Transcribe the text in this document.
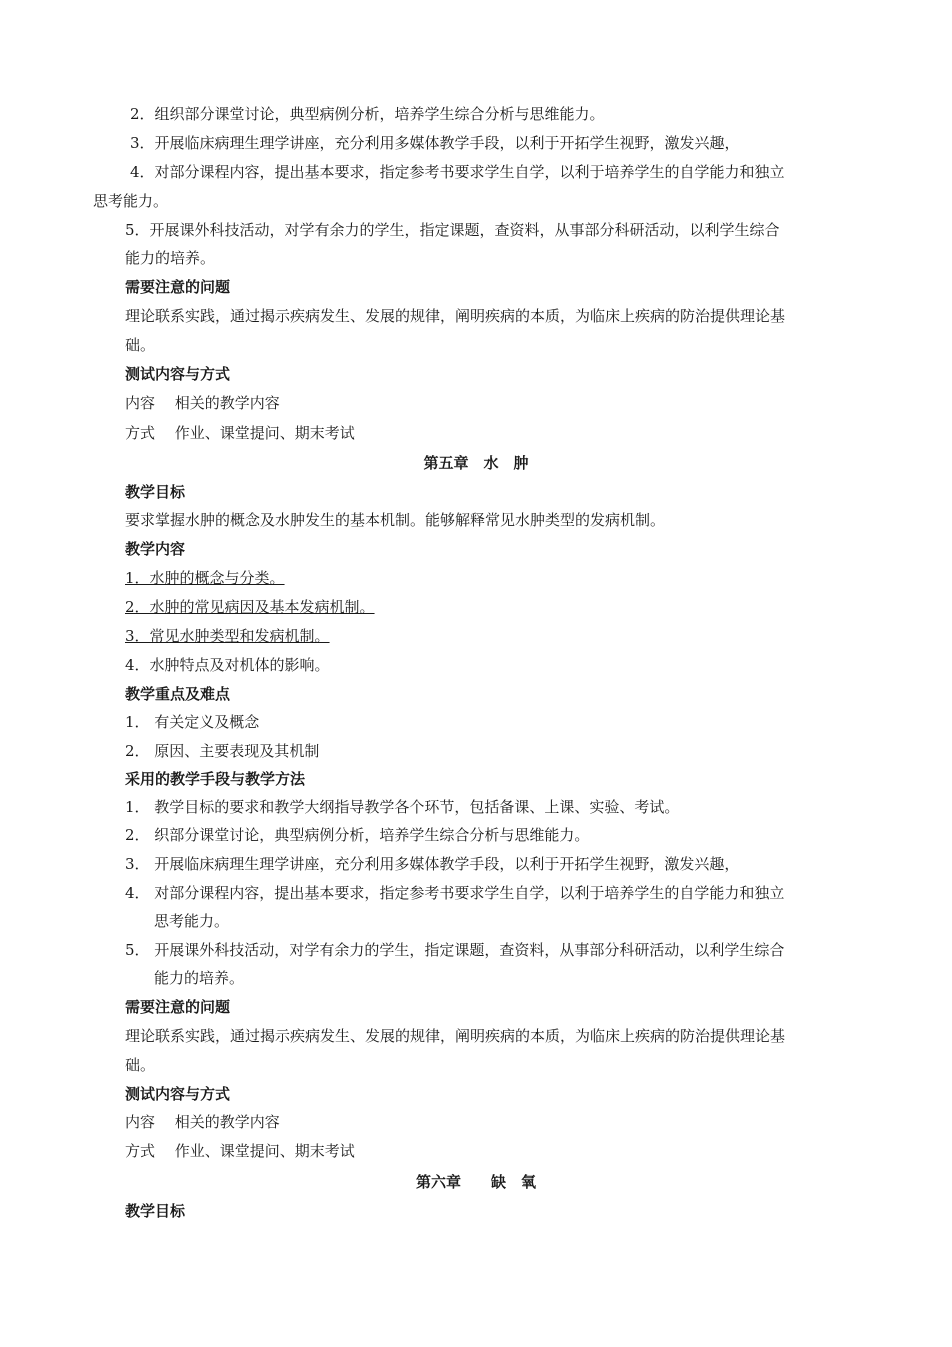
2．组织部分课堂讨论，典型病例分析，培养学生综合分析与思维能力。
3．开展临床病理生理学讲座，充分利用多媒体教学手段，以利于开拓学生视野，激发兴趣，
4．对部分课程内容，提出基本要求，指定参考书要求学生自学，以利于培养学生的自学能力和独立
思考能力。
5．开展课外科技活动，对学有余力的学生，指定课题，查资料，从事部分科研活动，以利学生综合
能力的培养。
需要注意的问题
理论联系实践，通过揭示疾病发生、发展的规律，阐明疾病的本质，为临床上疾病的防治提供理论基
础。
测试内容与方式
内容　 相关的教学内容
方式　 作业、课堂提问、期末考试
第五章　水　肿
教学目标
要求掌握水肿的概念及水肿发生的基本机制。能够解释常见水肿类型的发病机制。
教学内容
1．水肿的概念与分类。
2．水肿的常见病因及基本发病机制。
3．常见水肿类型和发病机制。
4．水肿特点及对机体的影响。
教学重点及难点
1． 有关定义及概念
2． 原因、主要表现及其机制
采用的教学手段与教学方法
1． 教学目标的要求和教学大纲指导教学各个环节，包括备课、上课、实验、考试。
2． 织部分课堂讨论，典型病例分析，培养学生综合分析与思维能力。
3． 开展临床病理生理学讲座，充分利用多媒体教学手段，以利于开拓学生视野，激发兴趣，
4． 对部分课程内容，提出基本要求，指定参考书要求学生自学，以利于培养学生的自学能力和独立
思考能力。
5． 开展课外科技活动，对学有余力的学生，指定课题，查资料，从事部分科研活动，以利学生综合
能力的培养。
需要注意的问题
理论联系实践，通过揭示疾病发生、发展的规律，阐明疾病的本质，为临床上疾病的防治提供理论基
础。
测试内容与方式
内容　 相关的教学内容
方式　 作业、课堂提问、期末考试
第六章　　缺　氧
教学目标
